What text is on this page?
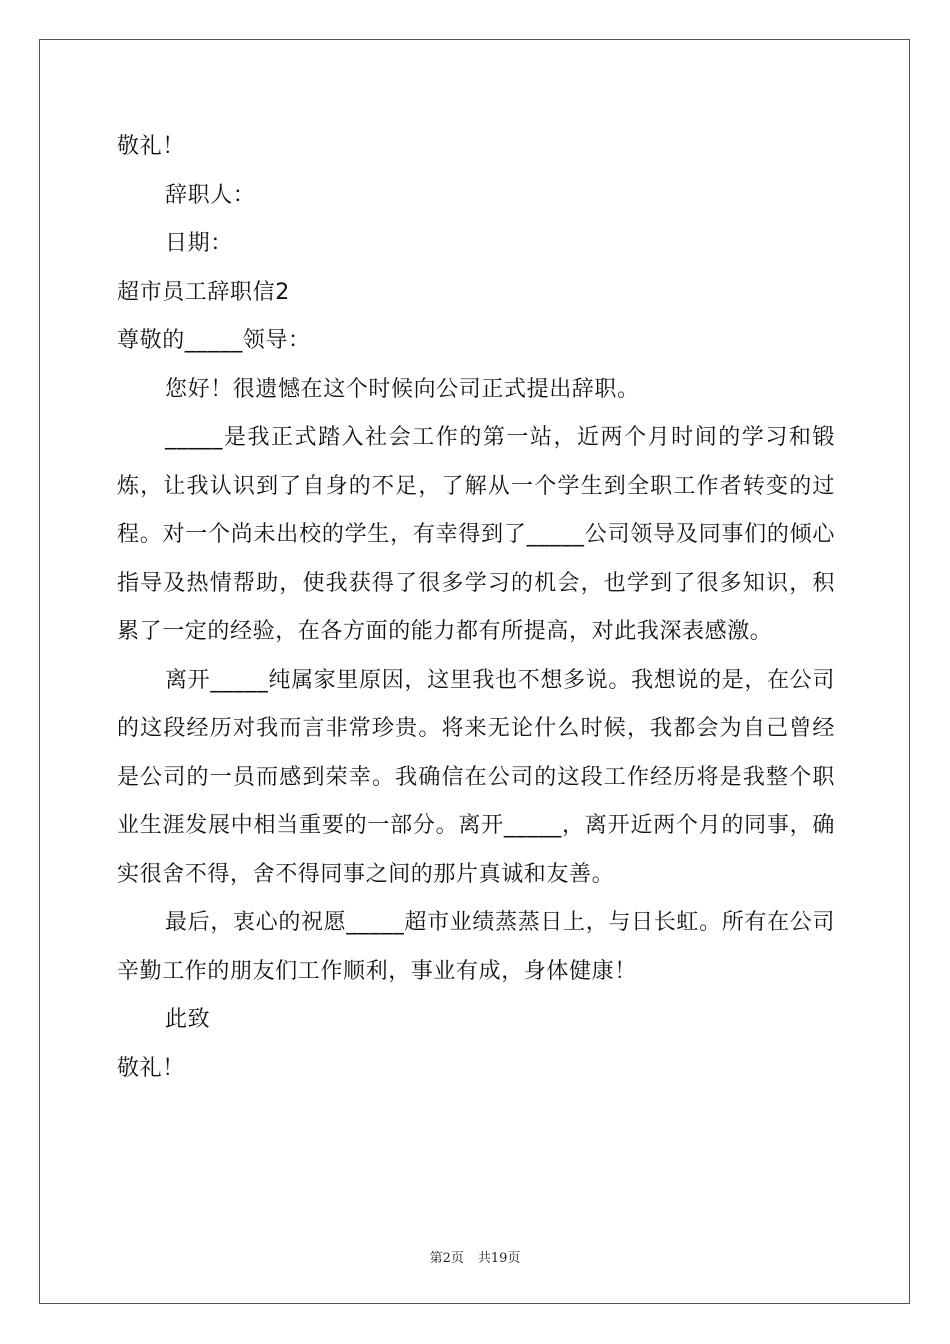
敬礼！

辞职人：

日期：

超市员工辞职信2

尊敬的_____领导：

您好！很遗憾在这个时候向公司正式提出辞职。

_____是我正式踏入社会工作的第一站，近两个月时间的学习和锻炼，让我认识到了自身的不足，了解从一个学生到全职工作者转变的过程。对一个尚未出校的学生，有幸得到了_____公司领导及同事们的倾心指导及热情帮助，使我获得了很多学习的机会，也学到了很多知识，积累了一定的经验，在各方面的能力都有所提高，对此我深表感激。

离开_____纯属家里原因，这里我也不想多说。我想说的是，在公司的这段经历对我而言非常珍贵。将来无论什么时候，我都会为自己曾经是公司的一员而感到荣幸。我确信在公司的这段工作经历将是我整个职业生涯发展中相当重要的一部分。离开_____，离开近两个月的同事，确实很舍不得，舍不得同事之间的那片真诚和友善。

最后，衷心的祝愿_____超市业绩蒸蒸日上，与日长虹。所有在公司辛勤工作的朋友们工作顺利，事业有成，身体健康！

此致

敬礼！

第2页 共19页
